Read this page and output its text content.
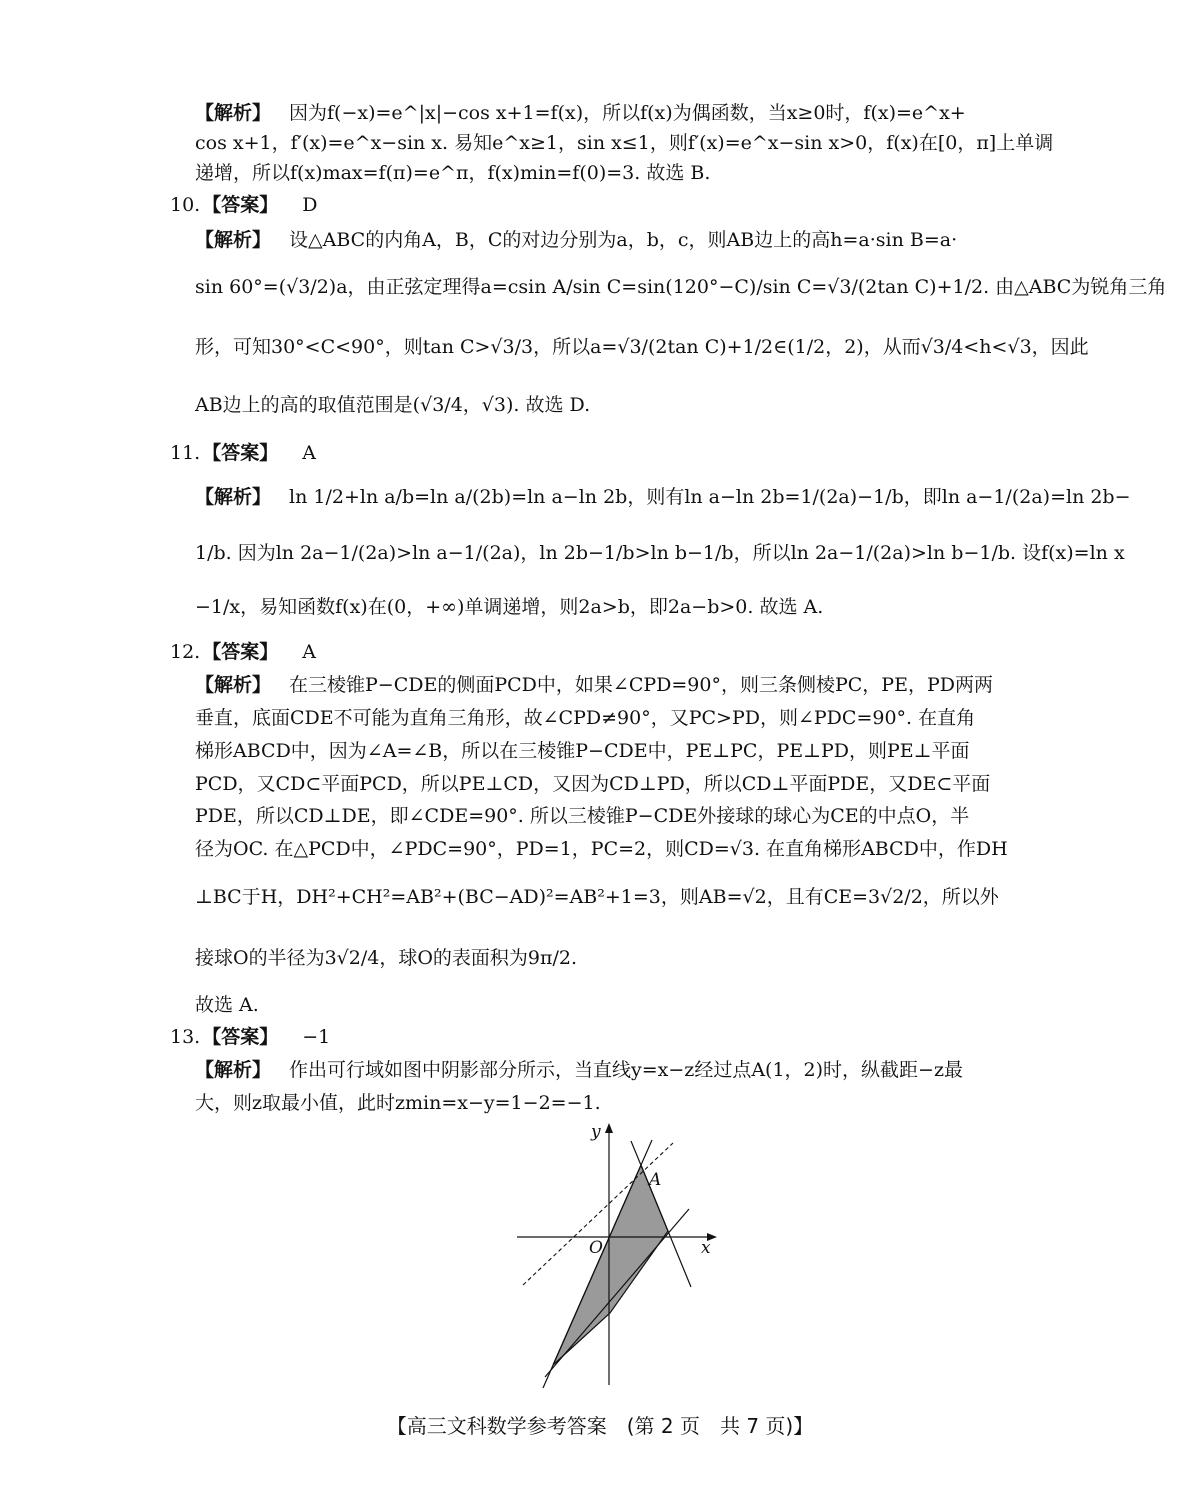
【解析】 因为f(−x)=e^|x|−cos x+1=f(x)，所以f(x)为偶函数，当x≥0时，f(x)=e^x+
cos x+1，f′(x)=e^x−sin x. 易知e^x≥1，sin x≤1，则f′(x)=e^x−sin x>0，f(x)在[0，π]上单调
递增，所以f(x)max=f(π)=e^π，f(x)min=f(0)=3. 故选 B.
10. 【答案】 D
【解析】 设△ABC的内角A，B，C的对边分别为a，b，c，则AB边上的高h=a·sin B=a·
sin 60°=(√3/2)a，由正弦定理得a=csin A/sin C=sin(120°−C)/sin C=√3/(2tan C)+1/2. 由△ABC为锐角三角
形，可知30°<C<90°，则tan C>√3/3，所以a=√3/(2tan C)+1/2∈(1/2，2)，从而√3/4<h<√3，因此
AB边上的高的取值范围是(√3/4，√3). 故选 D.
11. 【答案】 A
【解析】 ln 1/2+ln a/b=ln a/(2b)=ln a−ln 2b，则有ln a−ln 2b=1/(2a)−1/b，即ln a−1/(2a)=ln 2b−
1/b. 因为ln 2a−1/(2a)>ln a−1/(2a)，ln 2b−1/b>ln b−1/b，所以ln 2a−1/(2a)>ln b−1/b. 设f(x)=ln x
−1/x，易知函数f(x)在(0，+∞)单调递增，则2a>b，即2a−b>0. 故选 A.
12. 【答案】 A
【解析】 在三棱锥P−CDE的侧面PCD中，如果∠CPD=90°，则三条侧棱PC，PE，PD两两
垂直，底面CDE不可能为直角三角形，故∠CPD≠90°，又PC>PD，则∠PDC=90°. 在直角
梯形ABCD中，因为∠A=∠B，所以在三棱锥P−CDE中，PE⊥PC，PE⊥PD，则PE⊥平面
PCD，又CD⊂平面PCD，所以PE⊥CD，又因为CD⊥PD，所以CD⊥平面PDE，又DE⊂平面
PDE，所以CD⊥DE，即∠CDE=90°. 所以三棱锥P−CDE外接球的球心为CE的中点O，半
径为OC. 在△PCD中，∠PDC=90°，PD=1，PC=2，则CD=√3. 在直角梯形ABCD中，作DH
⊥BC于H，DH²+CH²=AB²+(BC−AD)²=AB²+1=3，则AB=√2，且有CE=3√2/2，所以外
接球O的半径为3√2/4，球O的表面积为9π/2.
故选 A.
13. 【答案】 −1
【解析】 作出可行域如图中阴影部分所示，当直线y=x−z经过点A(1，2)时，纵截距−z最
大，则z取最小值，此时zmin=x−y=1−2=−1.
y
x
O
A
【高三文科数学参考答案　(第 2 页　共 7 页)】
